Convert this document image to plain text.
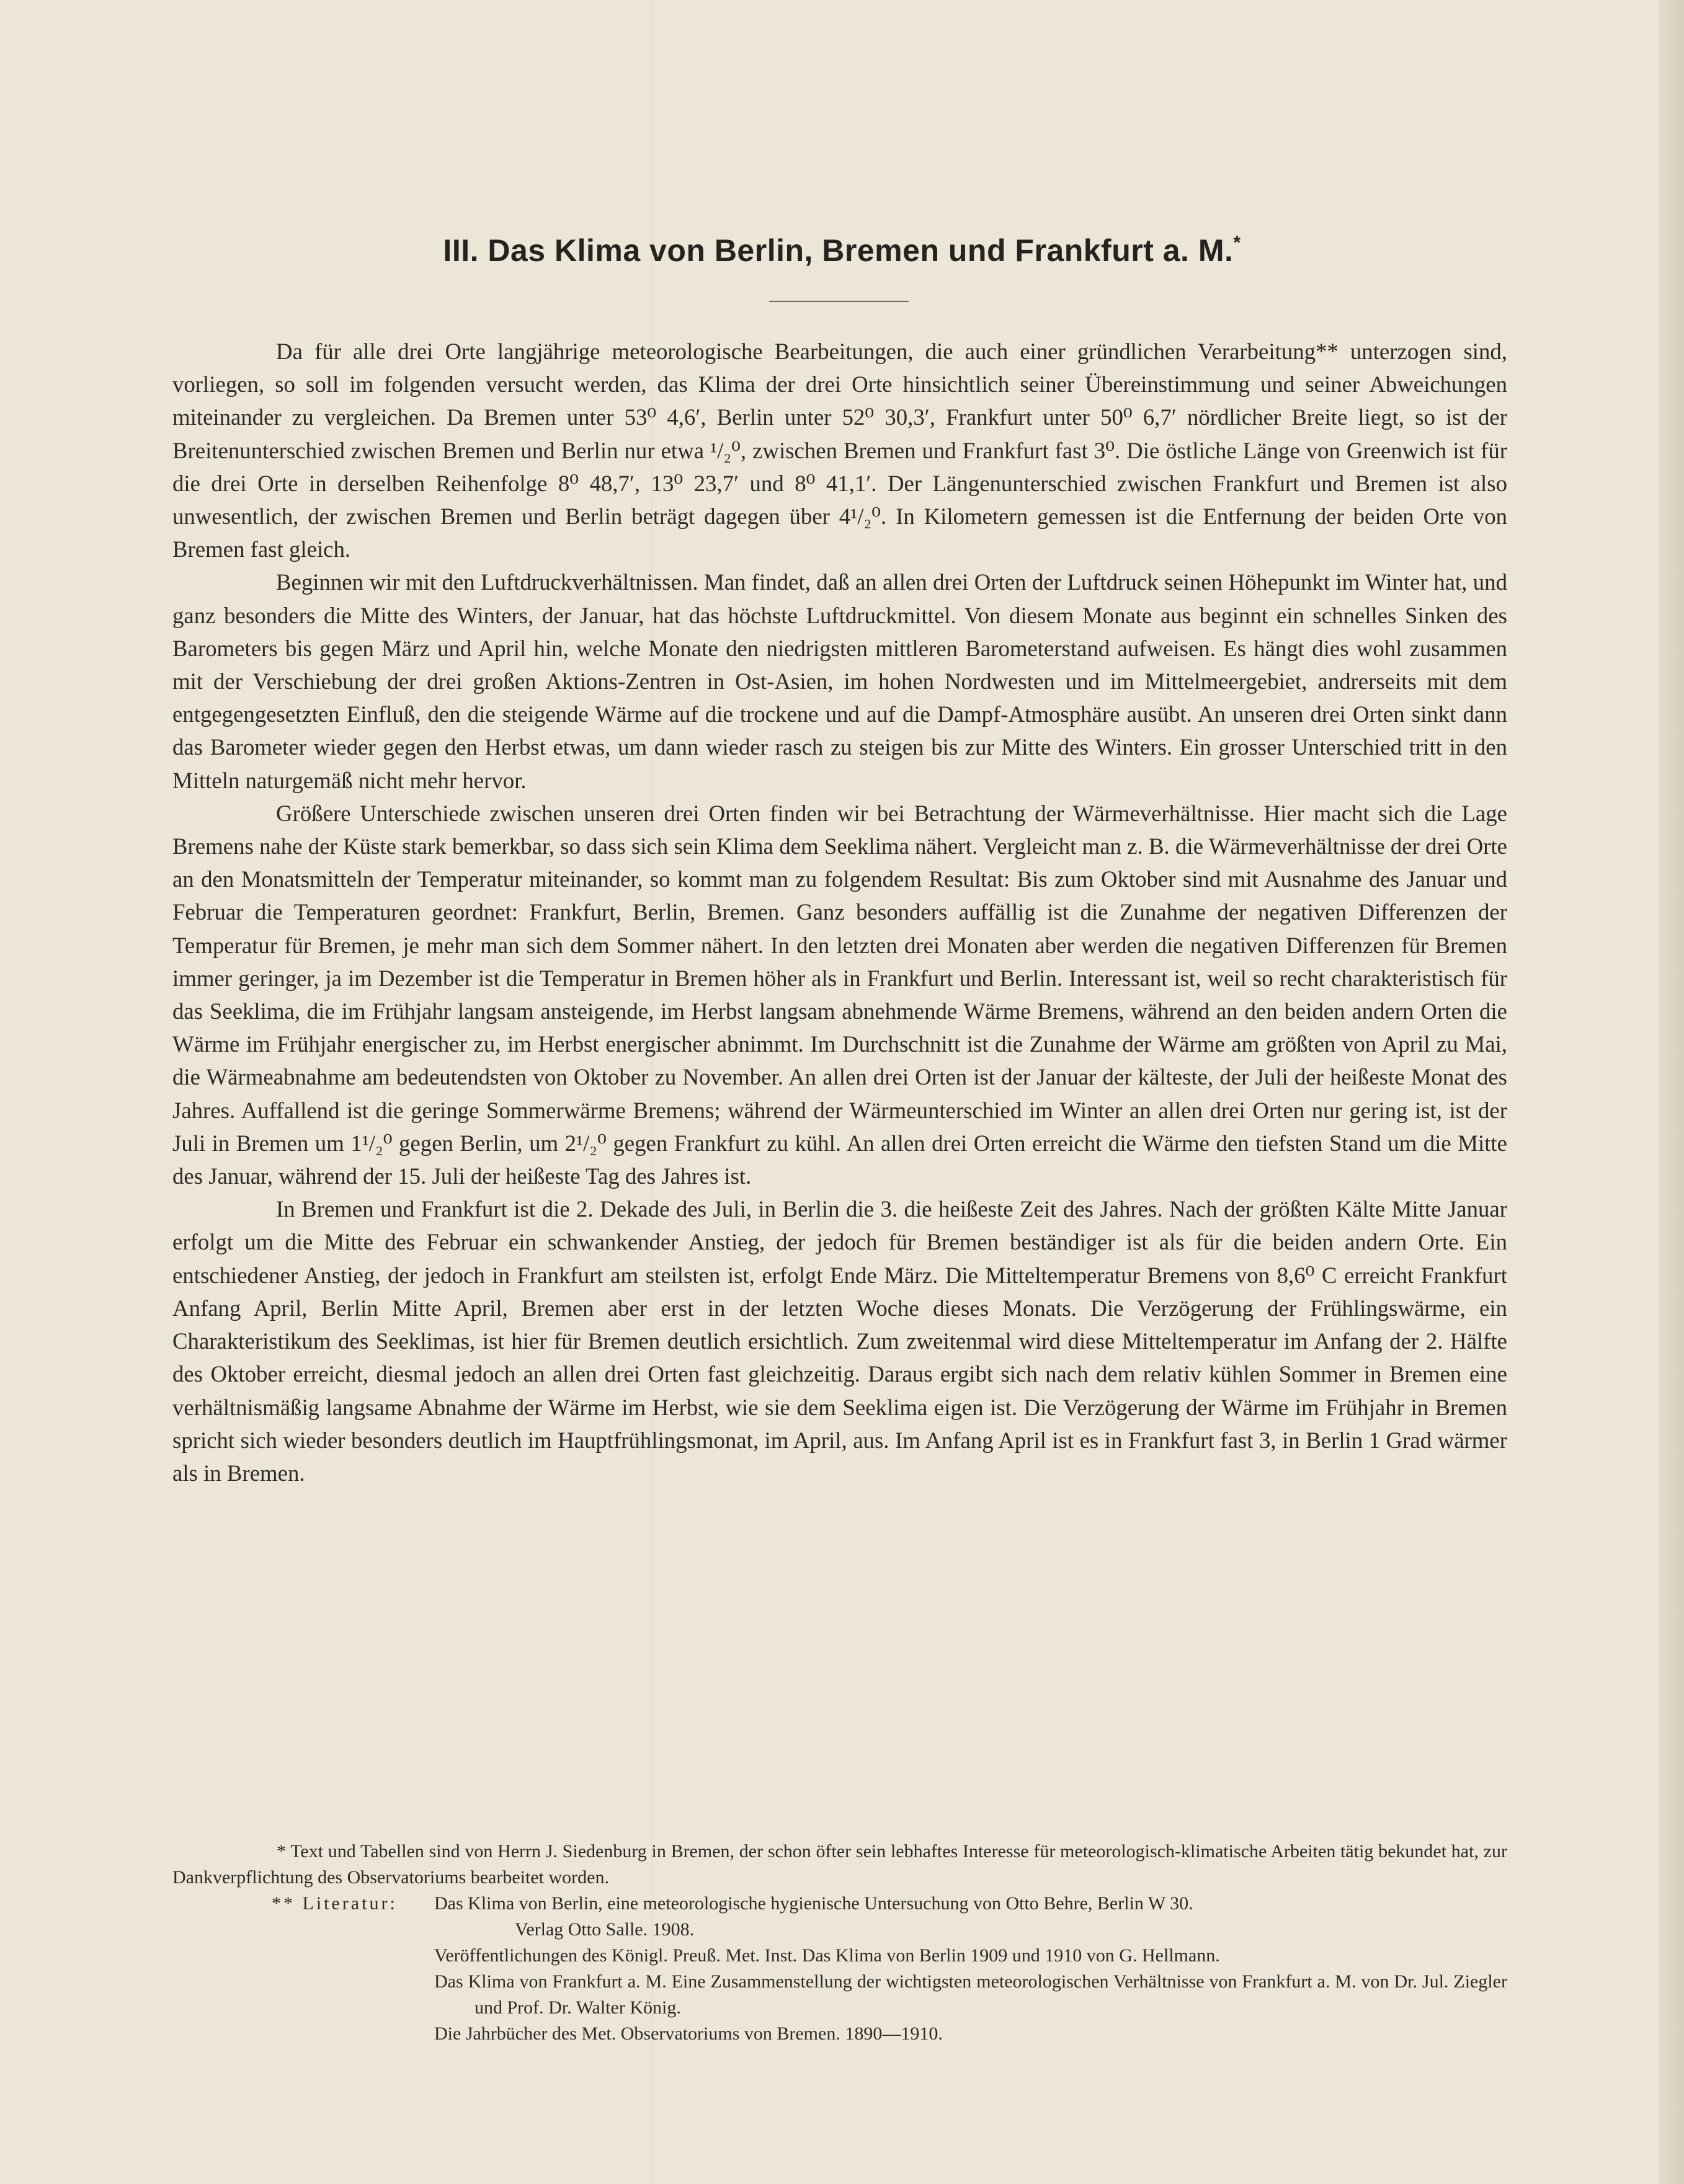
III. Das Klima von Berlin, Bremen und Frankfurt a. M.*

Da für alle drei Orte langjährige meteorologische Bearbeitungen, die auch einer gründlichen Verarbeitung** unterzogen sind, vorliegen, so soll im folgenden versucht werden, das Klima der drei Orte hinsichtlich seiner Übereinstimmung und seiner Abweichungen miteinander zu vergleichen. Da Bremen unter 53⁰ 4,6′, Berlin unter 52⁰ 30,3′, Frankfurt unter 50⁰ 6,7′ nördlicher Breite liegt, so ist der Breitenunterschied zwischen Bremen und Berlin nur etwa ¹/₂⁰, zwischen Bremen und Frankfurt fast 3⁰. Die östliche Länge von Greenwich ist für die drei Orte in derselben Reihenfolge 8⁰ 48,7′, 13⁰ 23,7′ und 8⁰ 41,1′. Der Längenunterschied zwischen Frankfurt und Bremen ist also unwesentlich, der zwischen Bremen und Berlin beträgt dagegen über 4¹/₂⁰. In Kilometern gemessen ist die Entfernung der beiden Orte von Bremen fast gleich.

Beginnen wir mit den Luftdruckverhältnissen. Man findet, daß an allen drei Orten der Luftdruck seinen Höhepunkt im Winter hat, und ganz besonders die Mitte des Winters, der Januar, hat das höchste Luftdruckmittel. Von diesem Monate aus beginnt ein schnelles Sinken des Barometers bis gegen März und April hin, welche Monate den niedrigsten mittleren Barometerstand aufweisen. Es hängt dies wohl zusammen mit der Verschiebung der drei großen Aktions-Zentren in Ost-Asien, im hohen Nordwesten und im Mittelmeergebiet, andrerseits mit dem entgegengesetzten Einfluß, den die steigende Wärme auf die trockene und auf die Dampf-Atmosphäre ausübt. An unseren drei Orten sinkt dann das Barometer wieder gegen den Herbst etwas, um dann wieder rasch zu steigen bis zur Mitte des Winters. Ein grosser Unterschied tritt in den Mitteln naturgemäß nicht mehr hervor.

Größere Unterschiede zwischen unseren drei Orten finden wir bei Betrachtung der Wärmeverhältnisse. Hier macht sich die Lage Bremens nahe der Küste stark bemerkbar, so dass sich sein Klima dem Seeklima nähert. Vergleicht man z. B. die Wärmeverhältnisse der drei Orte an den Monatsmitteln der Temperatur miteinander, so kommt man zu folgendem Resultat: Bis zum Oktober sind mit Ausnahme des Januar und Februar die Temperaturen geordnet: Frankfurt, Berlin, Bremen. Ganz besonders auffällig ist die Zunahme der negativen Differenzen der Temperatur für Bremen, je mehr man sich dem Sommer nähert. In den letzten drei Monaten aber werden die negativen Differenzen für Bremen immer geringer, ja im Dezember ist die Temperatur in Bremen höher als in Frankfurt und Berlin. Interessant ist, weil so recht charakteristisch für das Seeklima, die im Frühjahr langsam ansteigende, im Herbst langsam abnehmende Wärme Bremens, während an den beiden andern Orten die Wärme im Frühjahr energischer zu, im Herbst energischer abnimmt. Im Durchschnitt ist die Zunahme der Wärme am größten von April zu Mai, die Wärmeabnahme am bedeutendsten von Oktober zu November. An allen drei Orten ist der Januar der kälteste, der Juli der heißeste Monat des Jahres. Auffallend ist die geringe Sommerwärme Bremens; während der Wärmeunterschied im Winter an allen drei Orten nur gering ist, ist der Juli in Bremen um 1¹/₂⁰ gegen Berlin, um 2¹/₂⁰ gegen Frankfurt zu kühl. An allen drei Orten erreicht die Wärme den tiefsten Stand um die Mitte des Januar, während der 15. Juli der heißeste Tag des Jahres ist.

In Bremen und Frankfurt ist die 2. Dekade des Juli, in Berlin die 3. die heißeste Zeit des Jahres. Nach der größten Kälte Mitte Januar erfolgt um die Mitte des Februar ein schwankender Anstieg, der jedoch für Bremen beständiger ist als für die beiden andern Orte. Ein entschiedener Anstieg, der jedoch in Frankfurt am steilsten ist, erfolgt Ende März. Die Mitteltemperatur Bremens von 8,6⁰ C erreicht Frankfurt Anfang April, Berlin Mitte April, Bremen aber erst in der letzten Woche dieses Monats. Die Verzögerung der Frühlingswärme, ein Charakteristikum des Seeklimas, ist hier für Bremen deutlich ersichtlich. Zum zweitenmal wird diese Mitteltemperatur im Anfang der 2. Hälfte des Oktober erreicht, diesmal jedoch an allen drei Orten fast gleichzeitig. Daraus ergibt sich nach dem relativ kühlen Sommer in Bremen eine verhältnismäßig langsame Abnahme der Wärme im Herbst, wie sie dem Seeklima eigen ist. Die Verzögerung der Wärme im Frühjahr in Bremen spricht sich wieder besonders deutlich im Hauptfrühlingsmonat, im April, aus. Im Anfang April ist es in Frankfurt fast 3, in Berlin 1 Grad wärmer als in Bremen.

* Text und Tabellen sind von Herrn J. Siedenburg in Bremen, der schon öfter sein lebhaftes Interesse für meteorologisch-klimatische Arbeiten tätig bekundet hat, zur Dankverpflichtung des Observatoriums bearbeitet worden.

** Literatur:	Das Klima von Berlin, eine meteorologische hygienische Untersuchung von Otto Behre, Berlin W 30.
Verlag Otto Salle. 1908.
Veröffentlichungen des Königl. Preuß. Met. Inst. Das Klima von Berlin 1909 und 1910 von G. Hellmann.
Das Klima von Frankfurt a. M. Eine Zusammenstellung der wichtigsten meteorologischen Verhältnisse von Frankfurt a. M. von Dr. Jul. Ziegler und Prof. Dr. Walter König.
Die Jahrbücher des Met. Observatoriums von Bremen. 1890—1910.
